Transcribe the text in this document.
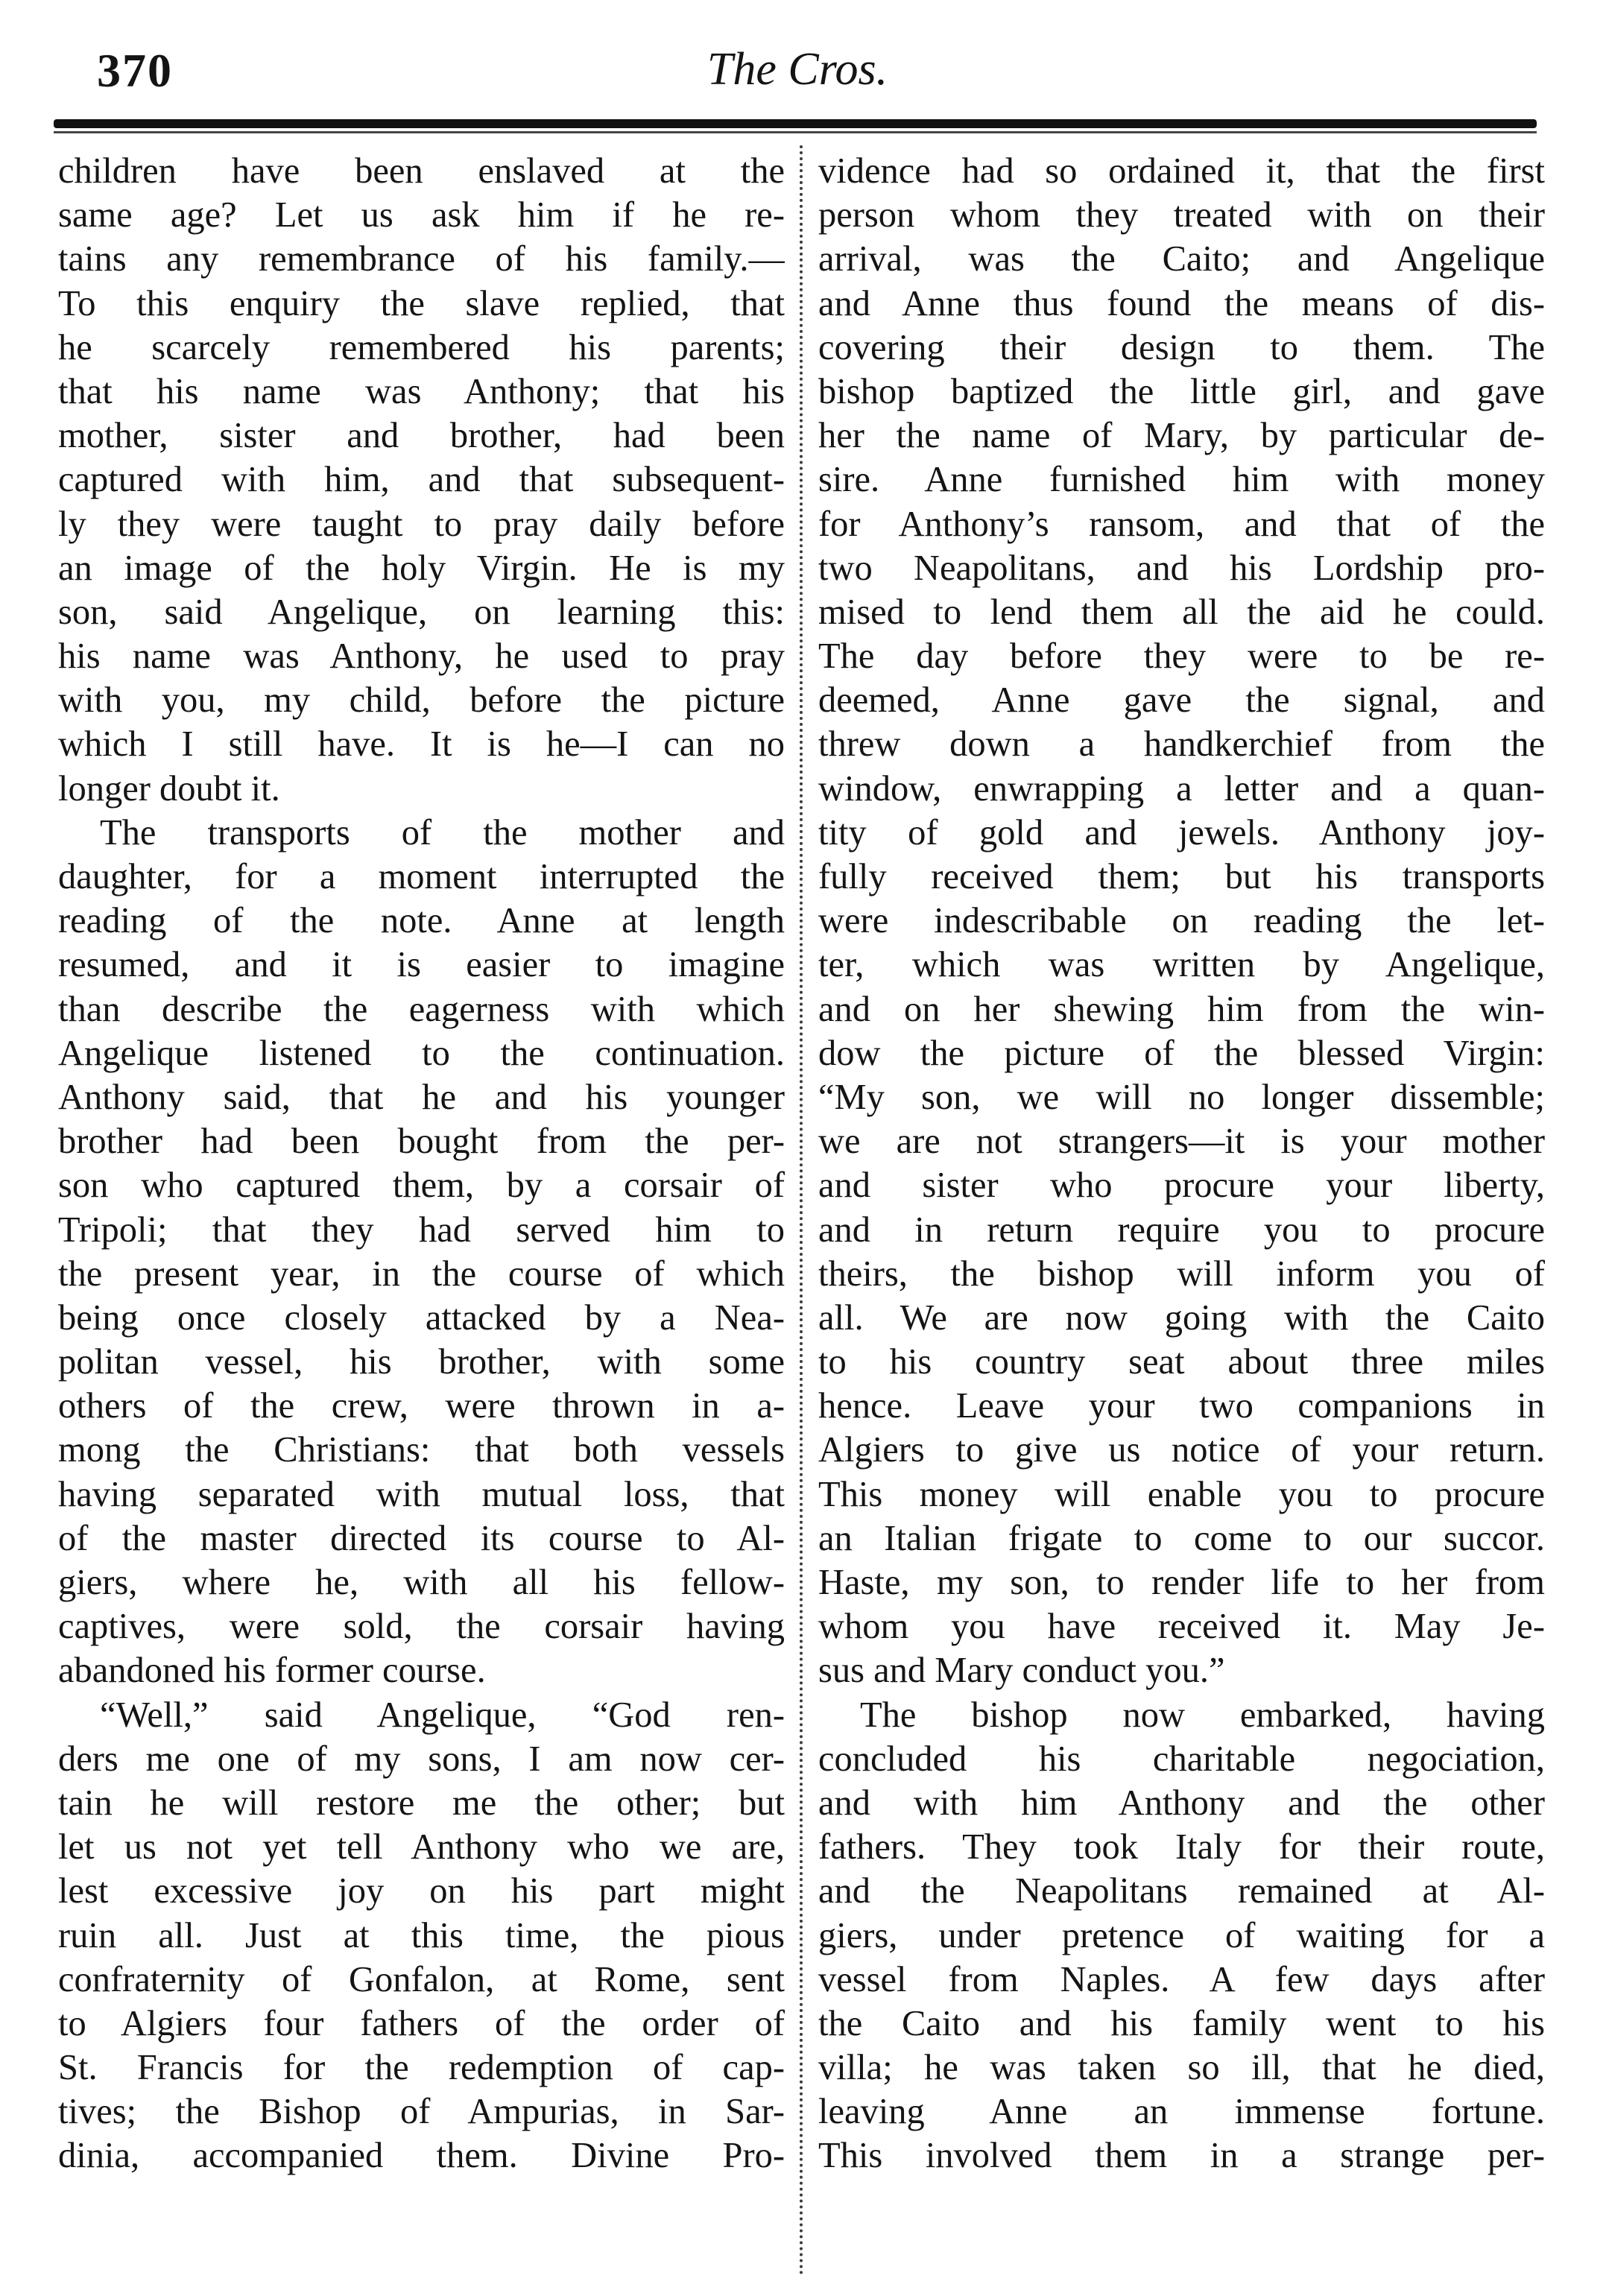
370	The Cros.
children have been enslaved at the
same age? Let us ask him if he re-
tains any remembrance of his family.—
To this enquiry the slave replied, that
he scarcely remembered his parents;
that his name was Anthony; that his
mother, sister and brother, had been
captured with him, and that subsequent-
ly they were taught to pray daily before
an image of the holy Virgin. He is my
son, said Angelique, on learning this:
his name was Anthony, he used to pray
with you, my child, before the picture
which I still have. It is he—I can no
longer doubt it.
The transports of the mother and
daughter, for a moment interrupted the
reading of the note. Anne at length
resumed, and it is easier to imagine
than describe the eagerness with which
Angelique listened to the continuation.
Anthony said, that he and his younger
brother had been bought from the per-
son who captured them, by a corsair of
Tripoli; that they had served him to
the present year, in the course of which
being once closely attacked by a Nea-
politan vessel, his brother, with some
others of the crew, were thrown in a-
mong the Christians: that both vessels
having separated with mutual loss, that
of the master directed its course to Al-
giers, where he, with all his fellow-
captives, were sold, the corsair having
abandoned his former course.
“Well,” said Angelique, “God ren-
ders me one of my sons, I am now cer-
tain he will restore me the other; but
let us not yet tell Anthony who we are,
lest excessive joy on his part might
ruin all. Just at this time, the pious
confraternity of Gonfalon, at Rome, sent
to Algiers four fathers of the order of
St. Francis for the redemption of cap-
tives; the Bishop of Ampurias, in Sar-
dinia, accompanied them. Divine Pro-
vidence had so ordained it, that the first
person whom they treated with on their
arrival, was the Caito; and Angelique
and Anne thus found the means of dis-
covering their design to them. The
bishop baptized the little girl, and gave
her the name of Mary, by particular de-
sire. Anne furnished him with money
for Anthony’s ransom, and that of the
two Neapolitans, and his Lordship pro-
mised to lend them all the aid he could.
The day before they were to be re-
deemed, Anne gave the signal, and
threw down a handkerchief from the
window, enwrapping a letter and a quan-
tity of gold and jewels. Anthony joy-
fully received them; but his transports
were indescribable on reading the let-
ter, which was written by Angelique,
and on her shewing him from the win-
dow the picture of the blessed Virgin:
“My son, we will no longer dissemble;
we are not strangers—it is your mother
and sister who procure your liberty,
and in return require you to procure
theirs, the bishop will inform you of
all. We are now going with the Caito
to his country seat about three miles
hence. Leave your two companions in
Algiers to give us notice of your return.
This money will enable you to procure
an Italian frigate to come to our succor.
Haste, my son, to render life to her from
whom you have received it. May Je-
sus and Mary conduct you.”
The bishop now embarked, having
concluded his charitable negociation,
and with him Anthony and the other
fathers. They took Italy for their route,
and the Neapolitans remained at Al-
giers, under pretence of waiting for a
vessel from Naples. A few days after
the Caito and his family went to his
villa; he was taken so ill, that he died,
leaving Anne an immense fortune.
This involved them in a strange per-
